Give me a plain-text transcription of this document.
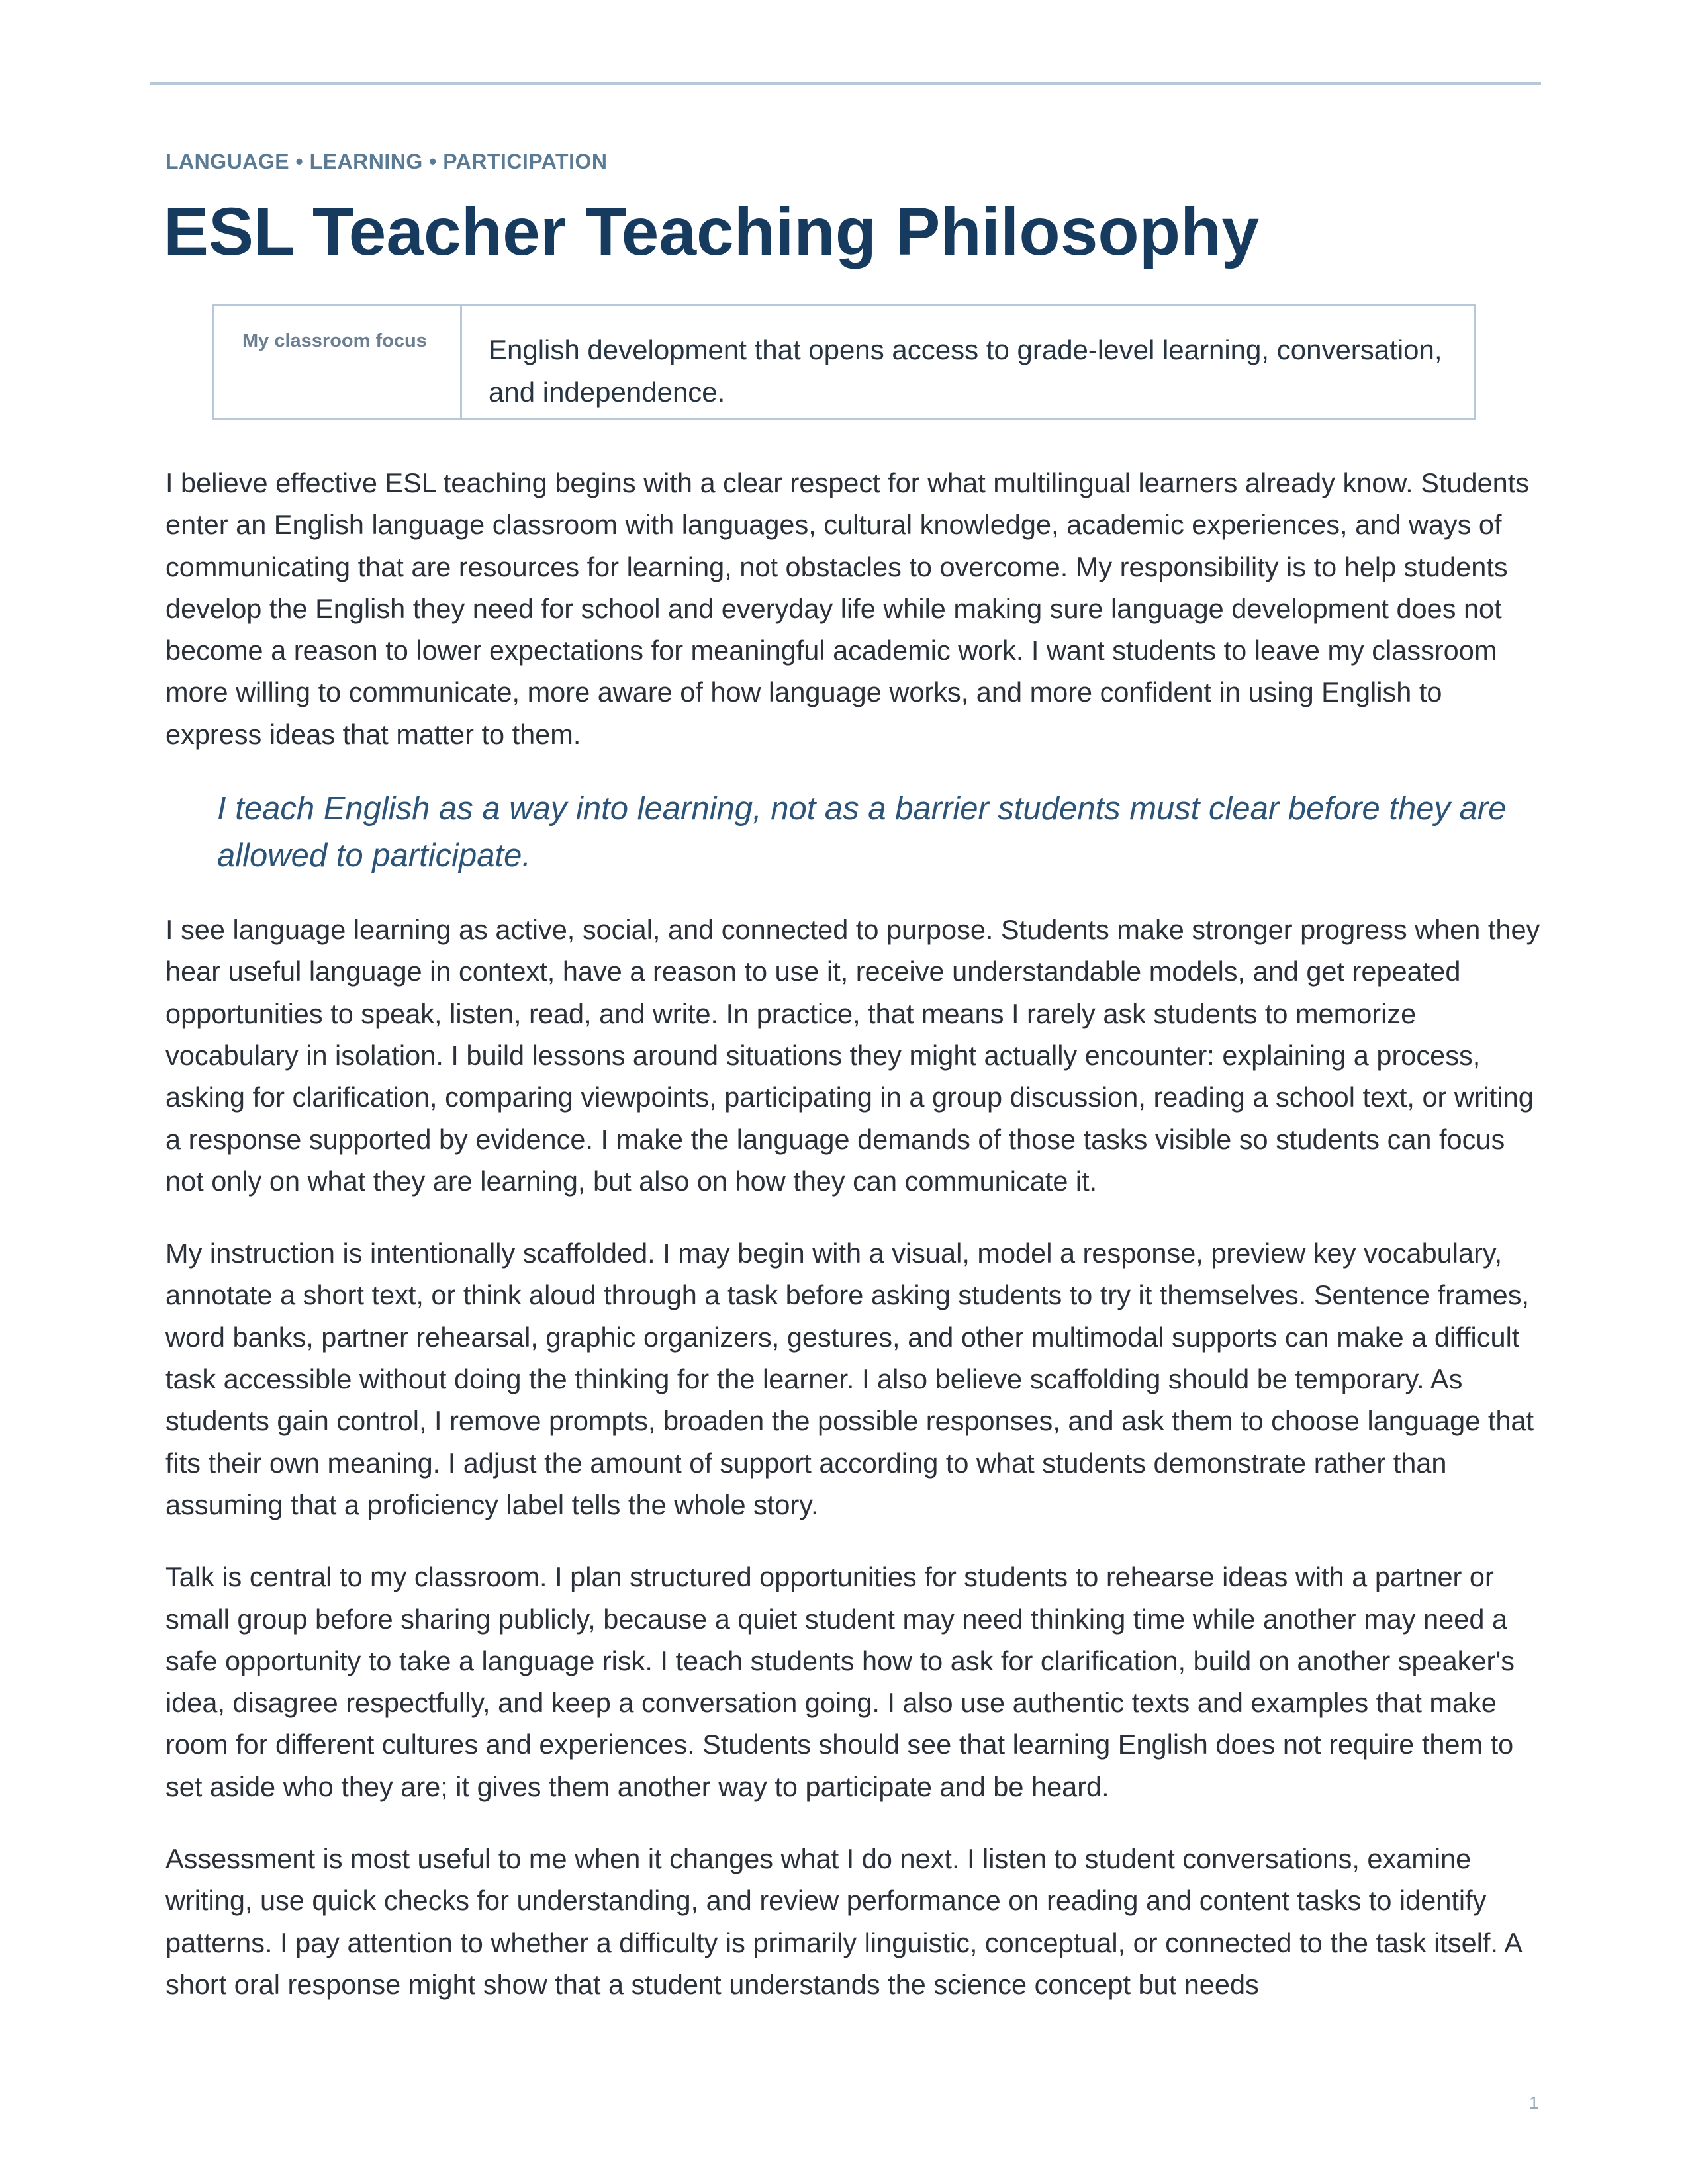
LANGUAGE • LEARNING • PARTICIPATION
ESL Teacher Teaching Philosophy
My classroom focus	English development that opens access to grade-level learning, conversation, and independence.

I believe effective ESL teaching begins with a clear respect for what multilingual learners already know. Students enter an English language classroom with languages, cultural knowledge, academic experiences, and ways of communicating that are resources for learning, not obstacles to overcome. My responsibility is to help students develop the English they need for school and everyday life while making sure language development does not become a reason to lower expectations for meaningful academic work. I want students to leave my classroom more willing to communicate, more aware of how language works, and more confident in using English to express ideas that matter to them.

I teach English as a way into learning, not as a barrier students must clear before they are allowed to participate.

I see language learning as active, social, and connected to purpose. Students make stronger progress when they hear useful language in context, have a reason to use it, receive understandable models, and get repeated opportunities to speak, listen, read, and write. In practice, that means I rarely ask students to memorize vocabulary in isolation. I build lessons around situations they might actually encounter: explaining a process, asking for clarification, comparing viewpoints, participating in a group discussion, reading a school text, or writing a response supported by evidence. I make the language demands of those tasks visible so students can focus not only on what they are learning, but also on how they can communicate it.

My instruction is intentionally scaffolded. I may begin with a visual, model a response, preview key vocabulary, annotate a short text, or think aloud through a task before asking students to try it themselves. Sentence frames, word banks, partner rehearsal, graphic organizers, gestures, and other multimodal supports can make a difficult task accessible without doing the thinking for the learner. I also believe scaffolding should be temporary. As students gain control, I remove prompts, broaden the possible responses, and ask them to choose language that fits their own meaning. I adjust the amount of support according to what students demonstrate rather than assuming that a proficiency label tells the whole story.

Talk is central to my classroom. I plan structured opportunities for students to rehearse ideas with a partner or small group before sharing publicly, because a quiet student may need thinking time while another may need a safe opportunity to take a language risk. I teach students how to ask for clarification, build on another speaker's idea, disagree respectfully, and keep a conversation going. I also use authentic texts and examples that make room for different cultures and experiences. Students should see that learning English does not require them to set aside who they are; it gives them another way to participate and be heard.

Assessment is most useful to me when it changes what I do next. I listen to student conversations, examine writing, use quick checks for understanding, and review performance on reading and content tasks to identify patterns. I pay attention to whether a difficulty is primarily linguistic, conceptual, or connected to the task itself. A short oral response might show that a student understands the science concept but needs

1
